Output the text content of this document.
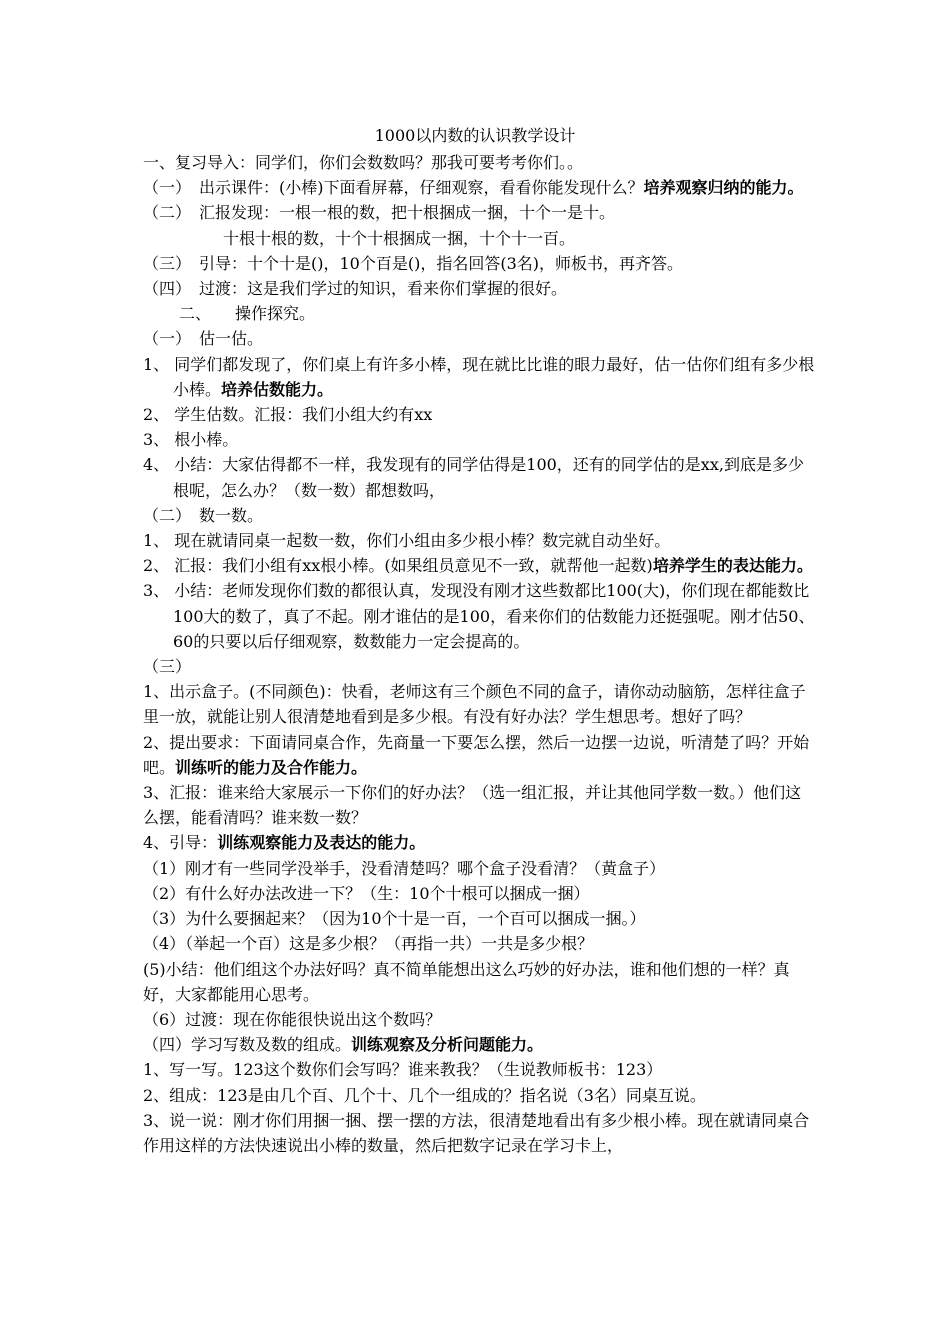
1000以内数的认识教学设计
一、复习导入：同学们，你们会数数吗？那我可要考考你们。。
（一）　出示课件：(小棒)下面看屏幕，仔细观察，看看你能发现什么？培养观察归纳的能力。
（二）　汇报发现：一根一根的数，把十根捆成一捆，十个一是十。
十根十根的数，十个十根捆成一捆，十个十一百。
（三）　引导：十个十是()，10个百是()，指名回答(3名)，师板书，再齐答。
（四）　过渡：这是我们学过的知识，看来你们掌握的很好。
二、　　操作探究。
（一）　估一估。
1、 同学们都发现了，你们桌上有许多小棒，现在就比比谁的眼力最好，估一估你们组有多少根小棒。培养估数能力。
2、 学生估数。汇报：我们小组大约有xx
3、 根小棒。
4、 小结：大家估得都不一样，我发现有的同学估得是100，还有的同学估的是xx,到底是多少根呢，怎么办？（数一数）都想数吗，
（二）　数一数。
1、 现在就请同桌一起数一数，你们小组由多少根小棒？数完就自动坐好。
2、 汇报：我们小组有xx根小棒。(如果组员意见不一致，就帮他一起数)培养学生的表达能力。
3、 小结：老师发现你们数的都很认真，发现没有刚才这些数都比100(大)，你们现在都能数比100大的数了，真了不起。刚才谁估的是100，看来你们的估数能力还挺强呢。刚才估50、60的只要以后仔细观察，数数能力一定会提高的。
（三）
1、出示盒子。(不同颜色)：快看，老师这有三个颜色不同的盒子，请你动动脑筋，怎样往盒子里一放，就能让别人很清楚地看到是多少根。有没有好办法？学生想思考。想好了吗？
2、提出要求：下面请同桌合作，先商量一下要怎么摆，然后一边摆一边说，听清楚了吗？开始吧。训练听的能力及合作能力。
3、汇报：谁来给大家展示一下你们的好办法？（选一组汇报，并让其他同学数一数。）他们这么摆，能看清吗？谁来数一数？
4、引导：训练观察能力及表达的能力。
（1）刚才有一些同学没举手，没看清楚吗？哪个盒子没看清？（黄盒子）
（2）有什么好办法改进一下？（生：10个十根可以捆成一捆）
（3）为什么要捆起来？（因为10个十是一百，一个百可以捆成一捆。）
（4）（举起一个百）这是多少根？（再指一共）一共是多少根？
(5)小结：他们组这个办法好吗？真不简单能想出这么巧妙的好办法，谁和他们想的一样？真好，大家都能用心思考。
（6）过渡：现在你能很快说出这个数吗？
（四）学习写数及数的组成。训练观察及分析问题能力。
1、写一写。123这个数你们会写吗？谁来教我？（生说教师板书：123）
2、组成：123是由几个百、几个十、几个一组成的？指名说（3名）同桌互说。
3、说一说：刚才你们用捆一捆、摆一摆的方法，很清楚地看出有多少根小棒。现在就请同桌合作用这样的方法快速说出小棒的数量，然后把数字记录在学习卡上，
